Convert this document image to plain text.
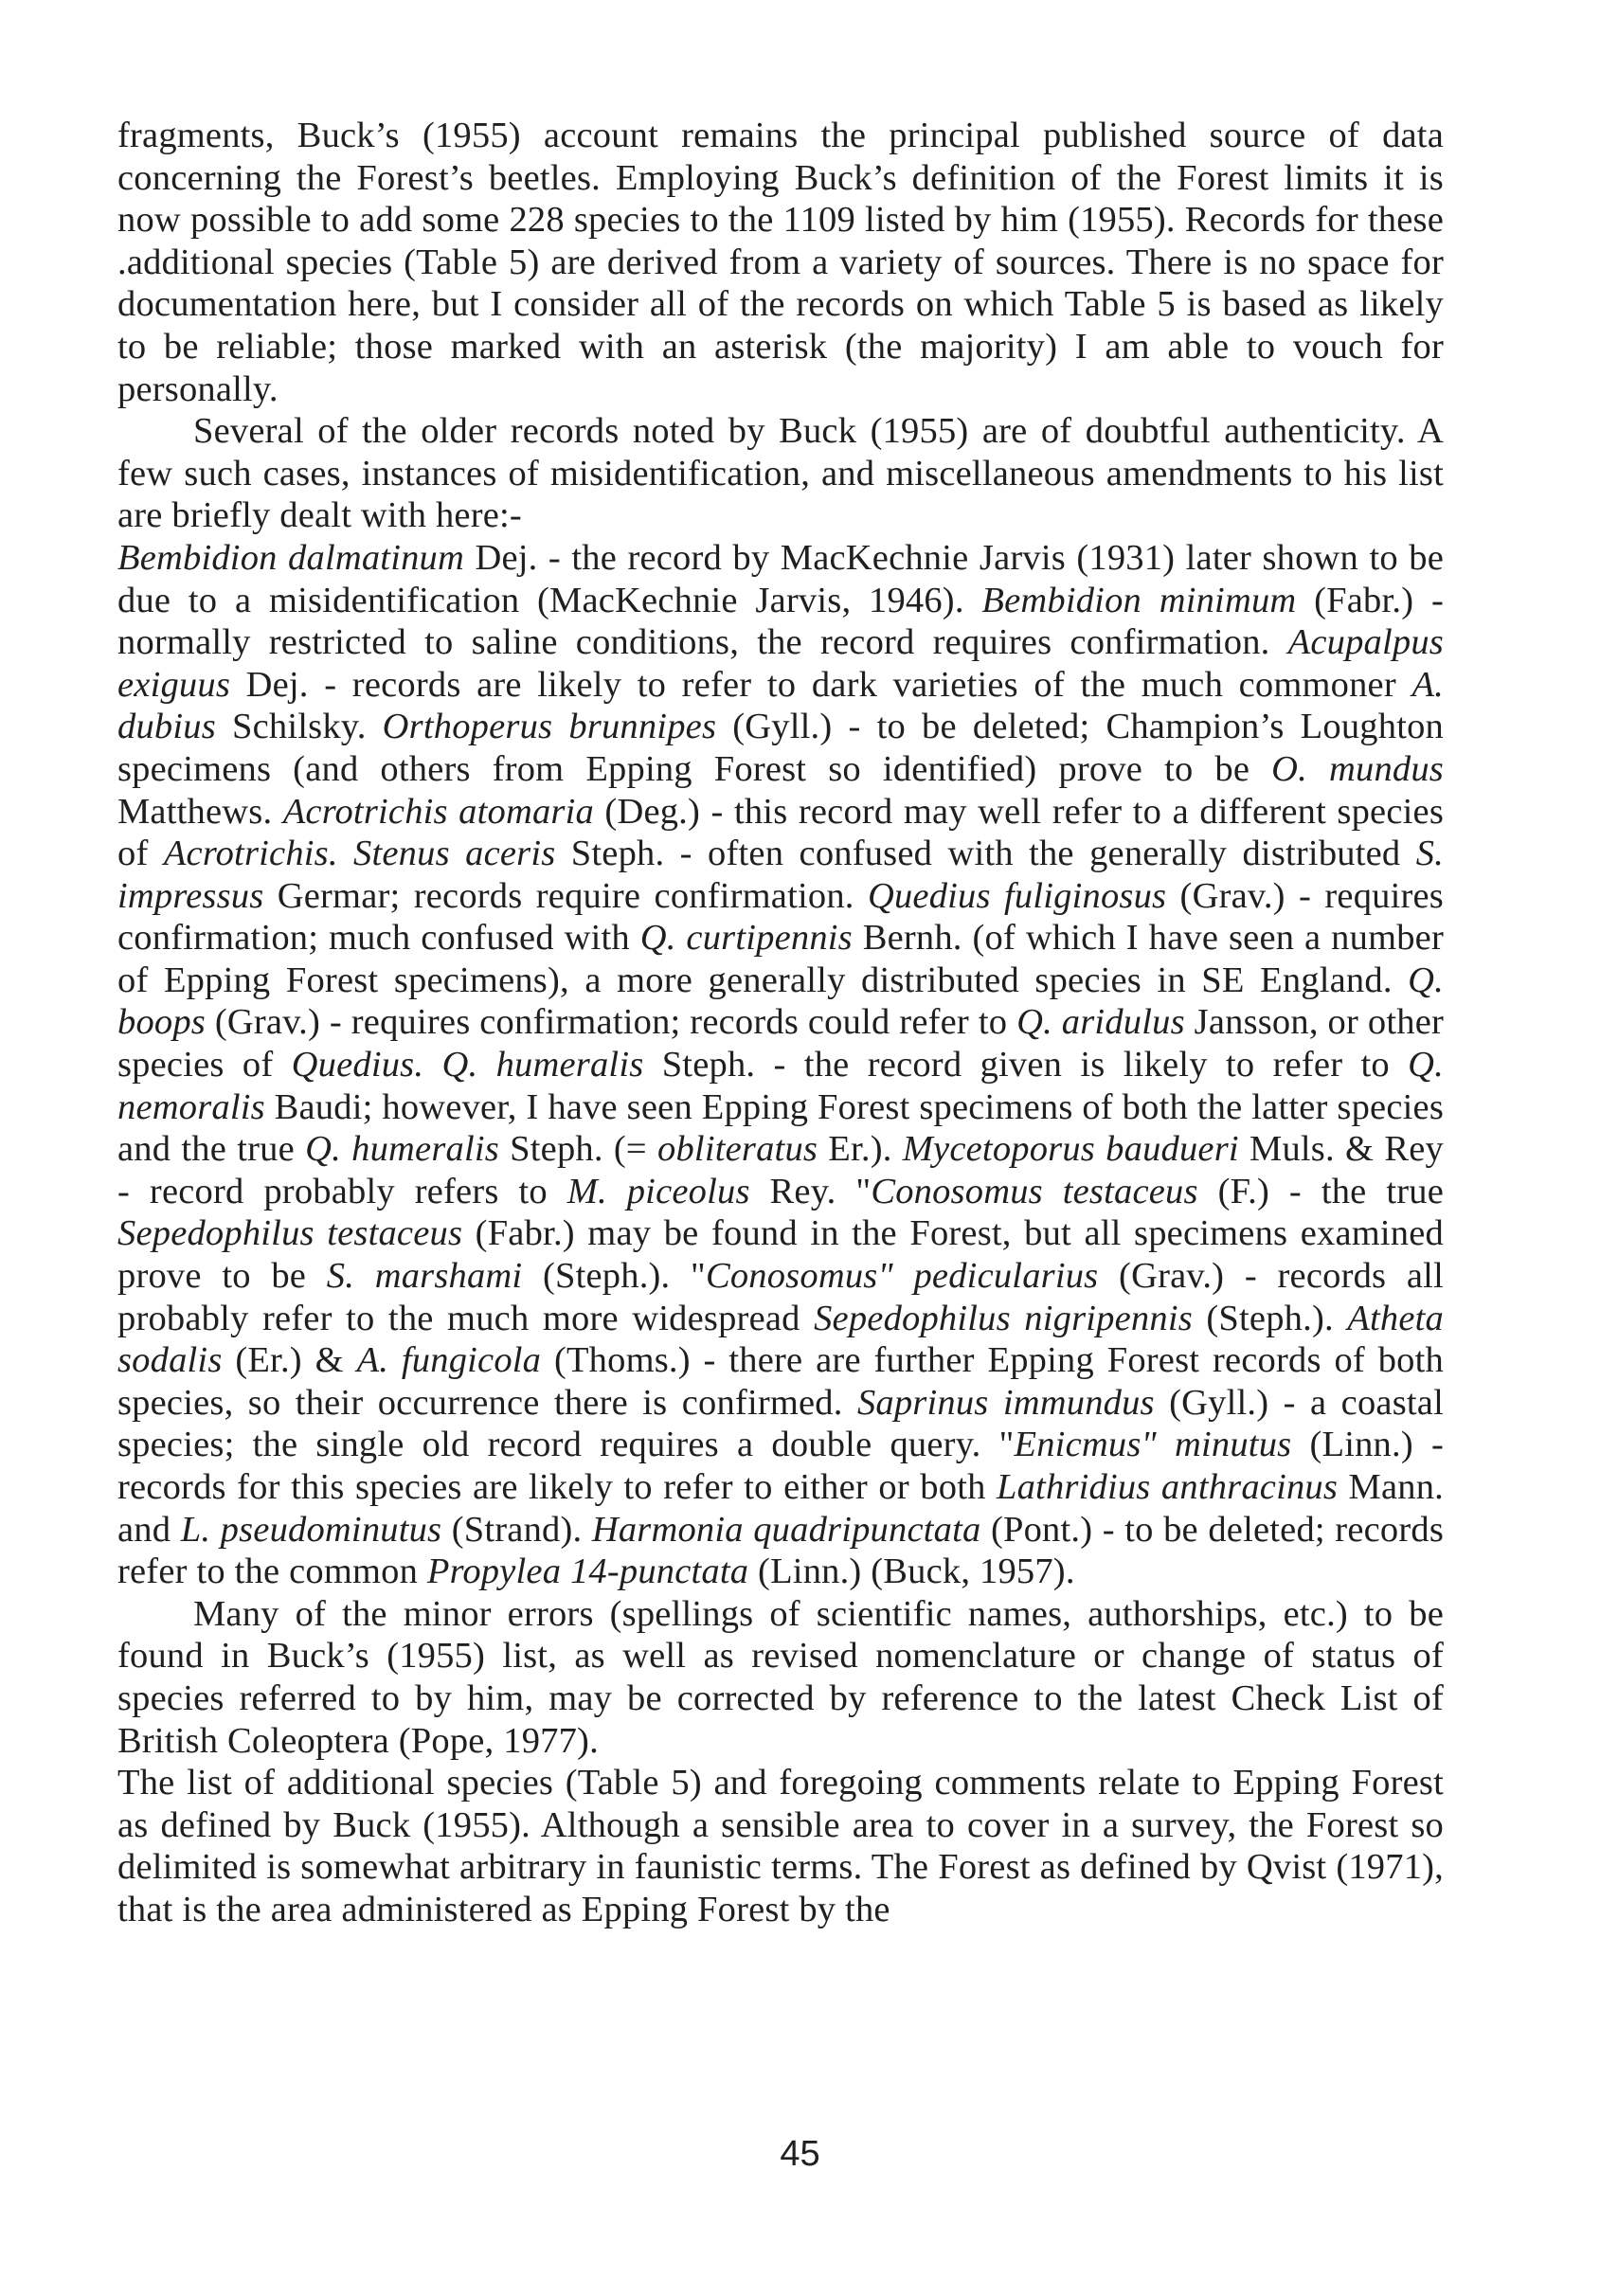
fragments, Buck’s (1955) account remains the principal published source of data concerning the Forest’s beetles. Employing Buck’s definition of the Forest limits it is now possible to add some 228 species to the 1109 listed by him (1955). Records for these .additional species (Table 5) are derived from a variety of sources. There is no space for documentation here, but I consider all of the records on which Table 5 is based as likely to be reliable; those marked with an asterisk (the majority) I am able to vouch for personally.

Several of the older records noted by Buck (1955) are of doubtful authenticity. A few such cases, instances of misidentification, and miscellaneous amendments to his list are briefly dealt with here:-

Bembidion dalmatinum Dej. - the record by MacKechnie Jarvis (1931) later shown to be due to a misidentification (MacKechnie Jarvis, 1946). Bembidion minimum (Fabr.) - normally restricted to saline conditions, the record requires confirmation. Acupalpus exiguus Dej. - records are likely to refer to dark varieties of the much commoner A. dubius Schilsky. Orthoperus brunnipes (Gyll.) - to be deleted; Champion’s Loughton specimens (and others from Epping Forest so identified) prove to be O. mundus Matthews. Acrotrichis atomaria (Deg.) - this record may well refer to a different species of Acrotrichis. Stenus aceris Steph. - often confused with the generally distributed S. impressus Germar; records require confirmation. Quedius fuliginosus (Grav.) - requires confirmation; much confused with Q. curtipennis Bernh. (of which I have seen a number of Epping Forest specimens), a more generally distributed species in SE England. Q. boops (Grav.) - requires confirmation; records could refer to Q. aridulus Jansson, or other species of Quedius. Q. humeralis Steph. - the record given is likely to refer to Q. nemoralis Baudi; however, I have seen Epping Forest specimens of both the latter species and the true Q. humeralis Steph. (= obliteratus Er.). Mycetoporus baudueri Muls. & Rey - record probably refers to M. piceolus Rey. "Conosomus testaceus (F.) - the true Sepedophilus testaceus (Fabr.) may be found in the Forest, but all specimens examined prove to be S. marshami (Steph.). "Conosomus" pedicularius (Grav.) - records all probably refer to the much more widespread Sepedophilus nigripennis (Steph.). Atheta sodalis (Er.) & A. fungicola (Thoms.) - there are further Epping Forest records of both species, so their occurrence there is confirmed. Saprinus immundus (Gyll.) - a coastal species; the single old record requires a double query. "Enicmus" minutus (Linn.) - records for this species are likely to refer to either or both Lathridius anthracinus Mann. and L. pseudominutus (Strand). Harmonia quadripunctata (Pont.) - to be deleted; records refer to the common Propylea 14-punctata (Linn.) (Buck, 1957).

Many of the minor errors (spellings of scientific names, authorships, etc.) to be found in Buck’s (1955) list, as well as revised nomenclature or change of status of species referred to by him, may be corrected by reference to the latest Check List of British Coleoptera (Pope, 1977).

The list of additional species (Table 5) and foregoing comments relate to Epping Forest as defined by Buck (1955). Although a sensible area to cover in a survey, the Forest so delimited is somewhat arbitrary in faunistic terms. The Forest as defined by Qvist (1971), that is the area administered as Epping Forest by the

45
